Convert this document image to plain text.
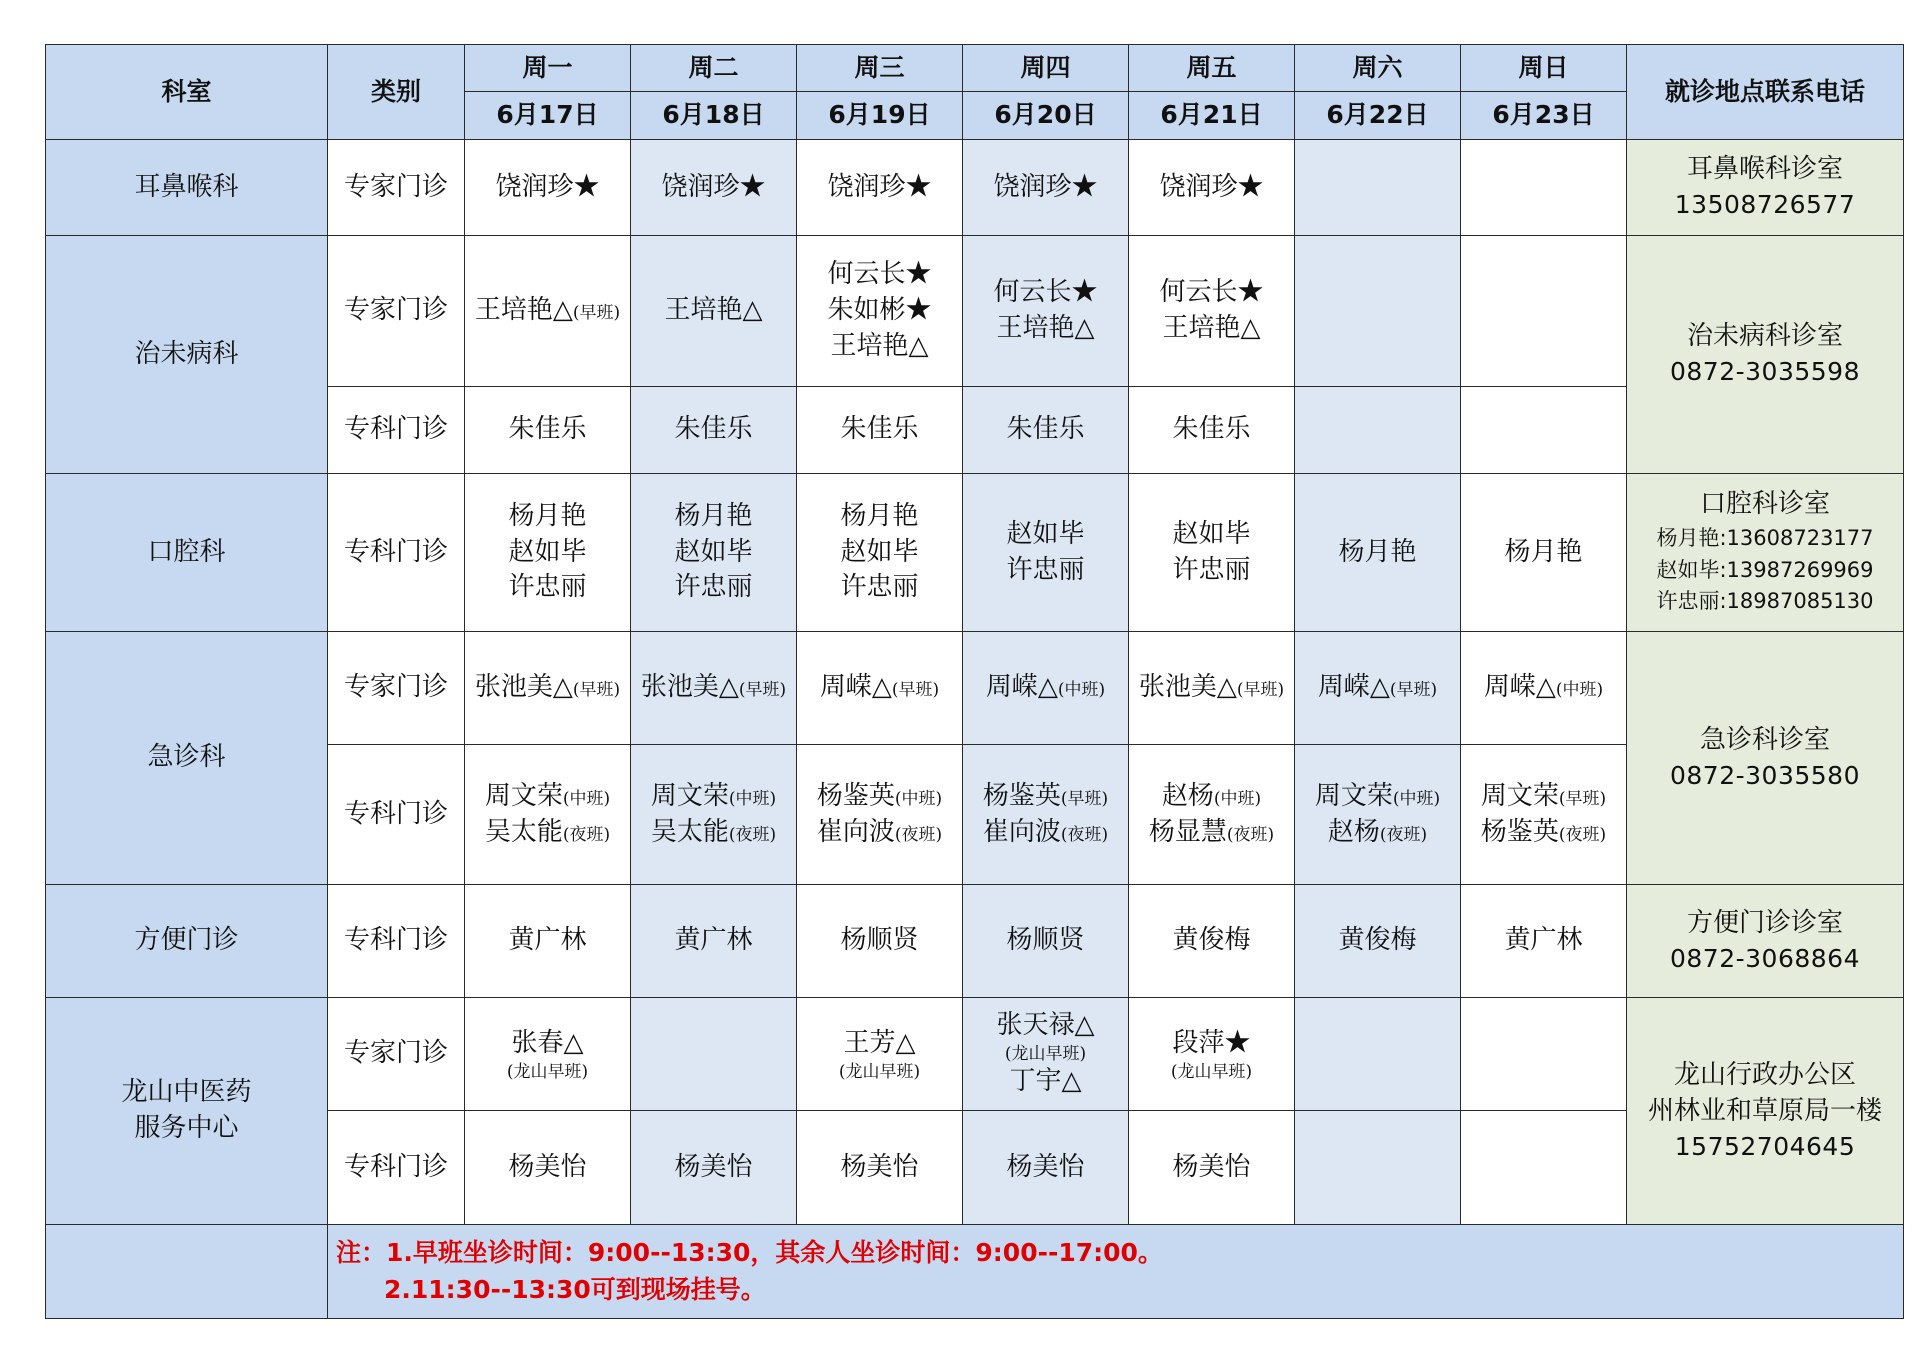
科室	类别	周一	周二	周三	周四	周五	周六	周日	就诊地点联系电话
		6月17日	6月18日	6月19日	6月20日	6月21日	6月22日	6月23日	

耳鼻喉科	专家门诊	饶润珍★	饶润珍★	饶润珍★	饶润珍★	饶润珍★			耳鼻喉科诊室
13508726577

治未病科	专家门诊	王培艳△(早班)	王培艳△	何云长★
朱如彬★
王培艳△	何云长★
王培艳△	何云长★
王培艳△			治未病科诊室
0872-3035598

	专科门诊	朱佳乐	朱佳乐	朱佳乐	朱佳乐	朱佳乐			

口腔科	专科门诊	杨月艳
赵如毕
许忠丽	杨月艳
赵如毕
许忠丽	杨月艳
赵如毕
许忠丽	赵如毕
许忠丽	赵如毕
许忠丽	杨月艳	杨月艳	口腔科诊室
杨月艳:13608723177
赵如毕:13987269969
许忠丽:18987085130

急诊科	专家门诊	张池美△(早班)	张池美△(早班)	周嵘△(早班)	周嵘△(中班)	张池美△(早班)	周嵘△(早班)	周嵘△(中班)	急诊科诊室
0872-3035580

	专科门诊	周文荣(中班)
吴太能(夜班)	周文荣(中班)
吴太能(夜班)	杨鉴英(中班)
崔向波(夜班)	杨鉴英(早班)
崔向波(夜班)	赵杨(中班)
杨显慧(夜班)	周文荣(中班)
赵杨(夜班)	周文荣(早班)
杨鉴英(夜班)	

方便门诊	专科门诊	黄广林	黄广林	杨顺贤	杨顺贤	黄俊梅	黄俊梅	黄广林	方便门诊诊室
0872-3068864

龙山中医药
服务中心	专家门诊	张春△
(龙山早班)		王芳△
(龙山早班)	张天禄△
(龙山早班)
丁宇△	段萍★
(龙山早班)			龙山行政办公区
州林业和草原局一楼
15752704645

	专科门诊	杨美怡	杨美怡	杨美怡	杨美怡	杨美怡			

	注：1.早班坐诊时间：9:00--13:30，其余人坐诊时间：9:00--17:00。
2.11:30--13:30可到现场挂号。								
